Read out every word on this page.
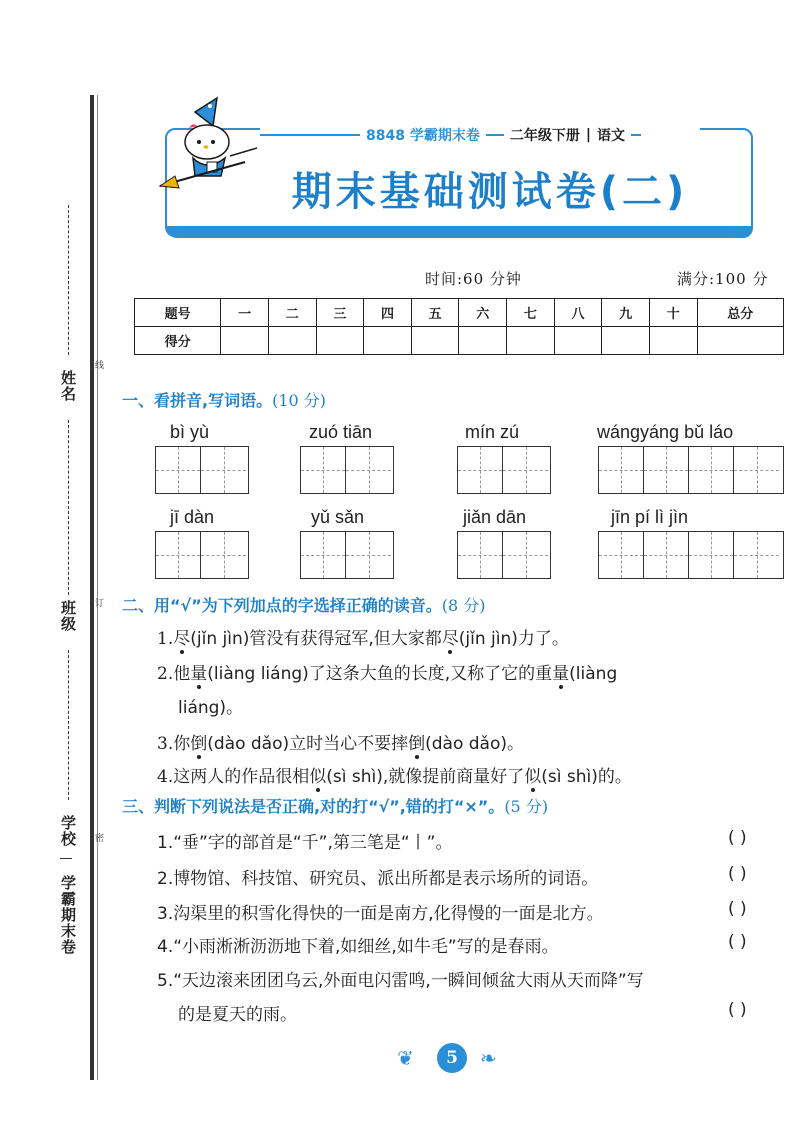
姓名
班级
学校
学霸期末卷
线
订
密
8848 学霸期末卷 二年级下册 | 语文
期末基础测试卷(二)
时间:60 分钟	满分:100 分
题号	一	二	三	四	五	六	七	八	九	十	总分
得分											
一、看拼音,写词语。(10 分)
bì yù	zuó tiān	mín zú	wángyáng bǔ láo
jī dàn	yǔ sǎn	jiǎn dān	jīn pí lì jìn
二、用“√”为下列加点的字选择正确的读音。(8 分)
1.尽(jǐn jìn)管没有获得冠军,但大家都尽(jǐn jìn)力了。
2.他量(liàng liáng)了这条大鱼的长度,又称了它的重量(liàng
liáng)。
3.你倒(dào dǎo)立时当心不要摔倒(dào dǎo)。
4.这两人的作品很相似(sì shì),就像提前商量好了似(sì shì)的。
三、判断下列说法是否正确,对的打“√”,错的打“×”。(5 分)
1.“垂”字的部首是“千”,第三笔是“丨”。	( )
2.博物馆、科技馆、研究员、派出所都是表示场所的词语。	( )
3.沟渠里的积雪化得快的一面是南方,化得慢的一面是北方。	( )
4.“小雨淅淅沥沥地下着,如细丝,如牛毛”写的是春雨。	( )
5.“天边滚来团团乌云,外面电闪雷鸣,一瞬间倾盆大雨从天而降”写
的是夏天的雨。	( )
❦	5	❧
